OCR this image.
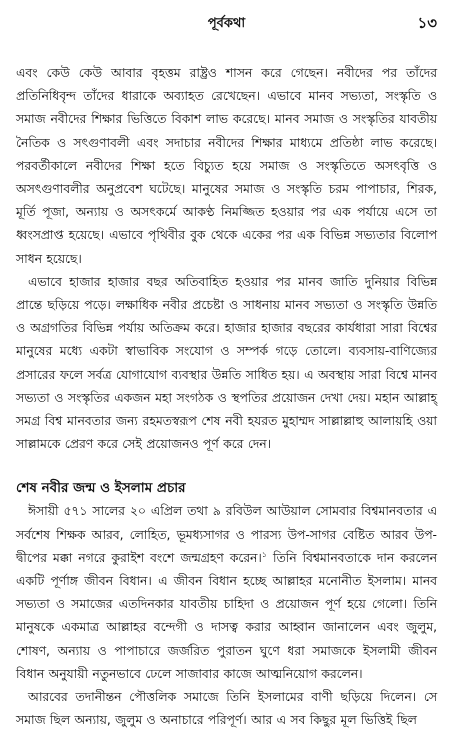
পূর্বকথা	১৩

এবং কেউ কেউ আবার বৃহত্তম রাষ্ট্রও শাসন করে গেছেন। নবীদের পর তাঁদের প্রতিনিধিবৃন্দ তাঁদের ধারাকে অব্যাহত রেখেছেন। এভাবে মানব সভ্যতা, সংস্কৃতি ও সমাজ নবীদের শিক্ষার ভিত্তিতে বিকাশ লাভ করেছে। মানব সমাজ ও সংস্কৃতির যাবতীয় নৈতিক ও সৎগুণাবলী এবং সদাচার নবীদের শিক্ষার মাধ্যমে প্রতিষ্ঠা লাভ করেছে। পরবর্তীকালে নবীদের শিক্ষা হতে বিচ্যুত হয়ে সমাজ ও সংস্কৃতিতে অসৎবৃত্তি ও অসৎগুণাবলীর অনুপ্রবেশ ঘটেছে। মানুষের সমাজ ও সংস্কৃতি চরম পাপাচার, শিরক, মূর্তি পূজা, অন্যায় ও অসৎকর্মে আকণ্ঠ নিমজ্জিত হওয়ার পর এক পর্যায়ে এসে তা ধ্বংসপ্রাপ্ত হয়েছে। এভাবে পৃথিবীর বুক থেকে একের পর এক বিভিন্ন সভ্যতার বিলোপ সাধন হয়েছে।

এভাবে হাজার হাজার বছর অতিবাহিত হওয়ার পর মানব জাতি দুনিয়ার বিভিন্ন প্রান্তে ছড়িয়ে পড়ে। লক্ষাধিক নবীর প্রচেষ্টা ও সাধনায় মানব সভ্যতা ও সংস্কৃতি উন্নতি ও অগ্রগতির বিভিন্ন পর্যায় অতিক্রম করে। হাজার হাজার বছরের কার্যধারা সারা বিশ্বের মানুষের মধ্যে একটা স্বাভাবিক সংযোগ ও সম্পর্ক গড়ে তোলে। ব্যবসায়-বাণিজ্যের প্রসারের ফলে সর্বত্র যোগাযোগ ব্যবস্থার উন্নতি সাধিত হয়। এ অবস্থায় সারা বিশ্বে মানব সভ্যতা ও সংস্কৃতির একজন মহা সংগঠক ও স্থপতির প্রয়োজন দেখা দেয়। মহান আল্লাহ্‌ সমগ্র বিশ্ব মানবতার জন্য রহমতস্বরূপ শেষ নবী হযরত মুহাম্মদ সাল্লাল্লাহু আলায়হি ওয়া সাল্লামকে প্রেরণ করে সেই প্রয়োজনও পূর্ণ করে দেন।

শেষ নবীর জন্ম ও ইসলাম প্রচার

ঈসায়ী ৫৭১ সালের ২০ এপ্রিল তথা ৯ রবিউল আউয়াল সোমবার বিশ্বমানবতার এ সর্বশেষ শিক্ষক আরব, লোহিত, ভূমধ্যসাগর ও পারস্য উপ-সাগর বেষ্টিত আরব উপ-দ্বীপের মক্কা নগরে কুরাইশ বংশে জন্মগ্রহণ করেন।$^১$ তিনি বিশ্বমানবতাকে দান করলেন একটি পূর্ণাঙ্গ জীবন বিধান। এ জীবন বিধান হচ্ছে আল্লাহর মনোনীত ইসলাম। মানব সভ্যতা ও সমাজের এতদিনকার যাবতীয় চাহিদা ও প্রয়োজন পূর্ণ হয়ে গেলো। তিনি মানুষকে একমাত্র আল্লাহর বন্দেগী ও দাসত্ব করার আহ্বান জানালেন এবং জুলুম, শোষণ, অন্যায় ও পাপাচারে জর্জরিত পুরাতন ঘুণে ধরা সমাজকে ইসলামী জীবন বিধান অনুযায়ী নতুনভাবে ঢেলে সাজাবার কাজে আত্মনিয়োগ করলেন।

আরবের তদানীন্তন পৌত্তলিক সমাজে তিনি ইসলামের বাণী ছড়িয়ে দিলেন। সে সমাজ ছিল অন্যায়, জুলুম ও অনাচারে পরিপূর্ণ। আর এ সব কিছুর মূল ভিত্তিই ছিল
